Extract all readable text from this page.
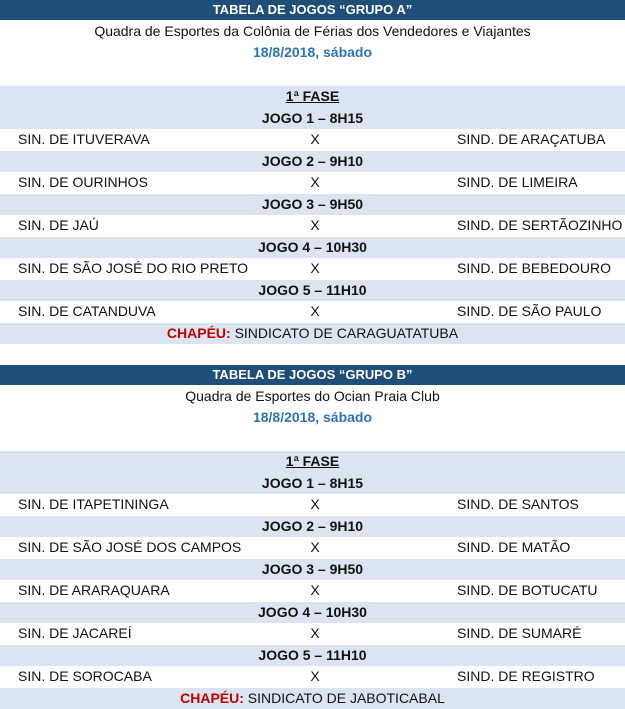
TABELA DE JOGOS “GRUPO A”
Quadra de Esportes da Colônia de Férias dos Vendedores e Viajantes
18/8/2018, sábado
1ª FASE
JOGO 1 – 8H15
SIN. DE ITUVERAVA	X	SIND. DE ARAÇATUBA
JOGO 2 – 9H10
SIN. DE OURINHOS	X	SIND. DE LIMEIRA
JOGO 3 – 9H50
SIN. DE JAÚ	X	SIND. DE SERTÃOZINHO
JOGO 4 – 10H30
SIN. DE SÃO JOSÉ DO RIO PRETO	X	SIND. DE BEBEDOURO
JOGO 5 – 11H10
SIN. DE CATANDUVA	X	SIND. DE SÃO PAULO
CHAPÉU: SINDICATO DE CARAGUATATUBA
TABELA DE JOGOS “GRUPO B”
Quadra de Esportes do Ocian Praia Club
18/8/2018, sábado
1ª FASE
JOGO 1 – 8H15
SIN. DE ITAPETININGA	X	SIND. DE SANTOS
JOGO 2 – 9H10
SIN. DE SÃO JOSÉ DOS CAMPOS	X	SIND. DE MATÃO
JOGO 3 – 9H50
SIN. DE ARARAQUARA	X	SIND. DE BOTUCATU
JOGO 4 – 10H30
SIN. DE JACAREÍ	X	SIND. DE SUMARÉ
JOGO 5 – 11H10
SIN. DE SOROCABA	X	SIND. DE REGISTRO
CHAPÉU: SINDICATO DE JABOTICABAL
